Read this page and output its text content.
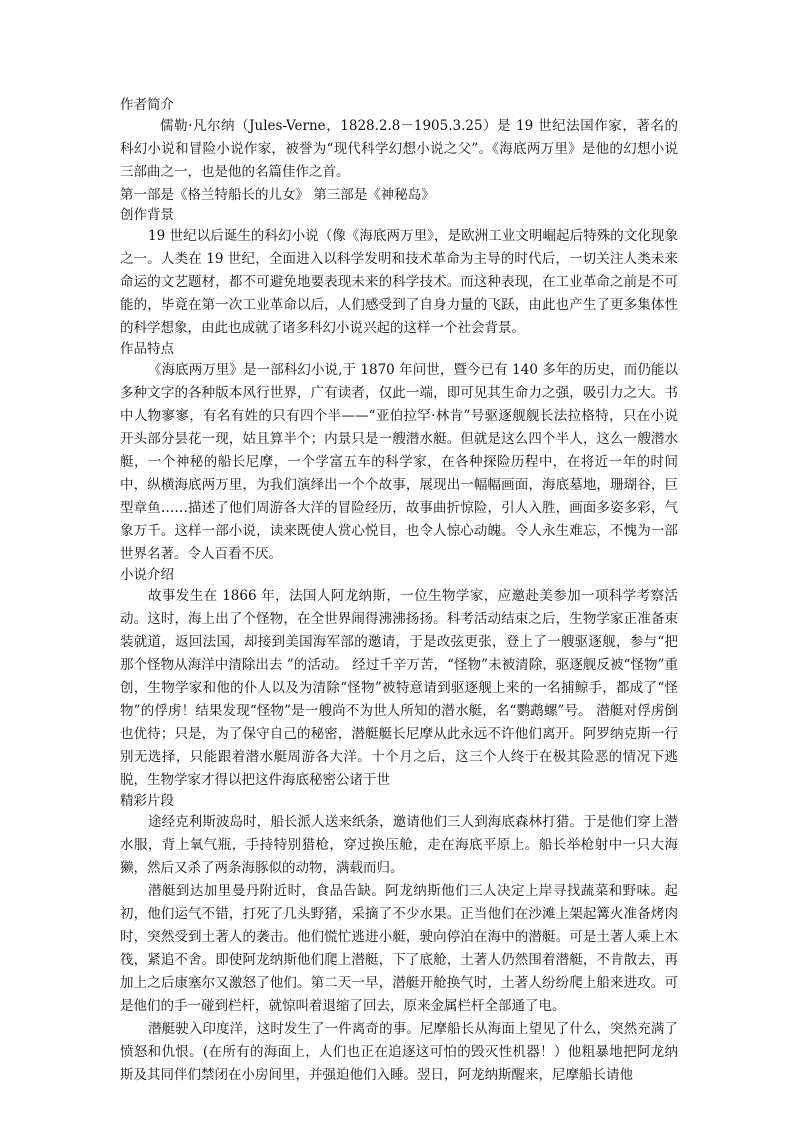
作者简介

儒勒·凡尔纳（Jules-Verne，1828.2.8－1905.3.25）是 19 世纪法国作家，著名的科幻小说和冒险小说作家，被誉为“现代科学幻想小说之父”。《海底两万里》是他的幻想小说三部曲之一，也是他的名篇佳作之首。

第一部是《格兰特船长的儿女》 第三部是《神秘岛》

创作背景

19 世纪以后诞生的科幻小说（像《海底两万里》，是欧洲工业文明崛起后特殊的文化现象之一。人类在 19 世纪，全面进入以科学发明和技术革命为主导的时代后，一切关注人类未来命运的文艺题材，都不可避免地要表现未来的科学技术。而这种表现，在工业革命之前是不可能的，毕竟在第一次工业革命以后，人们感受到了自身力量的飞跃，由此也产生了更多集体性的科学想象，由此也成就了诸多科幻小说兴起的这样一个社会背景。

作品特点

《海底两万里》是一部科幻小说,于 1870 年问世，暨今已有 140 多年的历史，而仍能以多种文字的各种版本风行世界，广有读者，仅此一端，即可见其生命力之强，吸引力之大。书中人物寥寥，有名有姓的只有四个半——“亚伯拉罕·林肯”号驱逐舰舰长法拉格特，只在小说开头部分昙花一现，姑且算半个；内景只是一艘潜水艇。但就是这么四个半人，这么一艘潜水艇，一个神秘的船长尼摩，一个学富五车的科学家，在各种探险历程中，在将近一年的时间中，纵横海底两万里，为我们演绎出一个个故事，展现出一幅幅画面，海底墓地，珊瑚谷，巨型章鱼……描述了他们周游各大洋的冒险经历，故事曲折惊险，引人入胜，画面多姿多彩，气象万千。这样一部小说，读来既使人赏心悦目，也令人惊心动魄。令人永生难忘，不愧为一部世界名著。令人百看不厌。

小说介绍

故事发生在 1866 年，法国人阿龙纳斯，一位生物学家，应邀赴美参加一项科学考察活动。这时，海上出了个怪物，在全世界闹得沸沸扬扬。科考活动结束之后，生物学家正准备束装就道，返回法国，却接到美国海军部的邀请，于是改弦更张，登上了一艘驱逐舰，参与“把那个怪物从海洋中清除出去 ”的活动。 经过千辛万苦，“怪物”未被清除，驱逐舰反被“怪物”重创，生物学家和他的仆人以及为清除“怪物”被特意请到驱逐舰上来的一名捕鲸手，都成了“怪物”的俘虏！结果发现“怪物”是一艘尚不为世人所知的潜水艇，名“鹦鹉螺”号。 潜艇对俘虏倒也优待；只是，为了保守自己的秘密，潜艇艇长尼摩从此永远不许他们离开。阿罗纳克斯一行别无选择，只能跟着潜水艇周游各大洋。十个月之后，这三个人终于在极其险恶的情况下逃脱，生物学家才得以把这件海底秘密公诸于世

精彩片段

途经克利斯波岛时，船长派人送来纸条，邀请他们三人到海底森林打猎。于是他们穿上潜水服，背上氧气瓶，手持特别猎枪，穿过换压舱，走在海底平原上。船长举枪射中一只大海獭，然后又杀了两条海豚似的动物，满载而归。

潜艇到达加里曼丹附近时，食品告缺。阿龙纳斯他们三人决定上岸寻找蔬菜和野味。起初，他们运气不错，打死了几头野猪，采摘了不少水果。正当他们在沙滩上架起篝火准备烤肉时，突然受到土著人的袭击。他们慌忙逃进小艇，驶向停泊在海中的潜艇。可是土著人乘上木筏，紧追不舍。即使阿龙纳斯他们爬上潜艇，下了底舱，土著人仍然围着潜艇，不肯散去，再加上之后康塞尔又激怒了他们。第二天一早，潜艇开舱换气时，土著人纷纷爬上船来进攻。可是他们的手一碰到栏杆，就惊叫着退缩了回去，原来金属栏杆全部通了电。

潜艇驶入印度洋，这时发生了一件离奇的事。尼摩船长从海面上望见了什么，突然充满了愤怒和仇恨。(在所有的海面上，人们也正在追逐这可怕的毁灭性机器！）他粗暴地把阿龙纳斯及其同伴们禁闭在小房间里，并强迫他们入睡。翌日，阿龙纳斯醒来，尼摩船长请他
